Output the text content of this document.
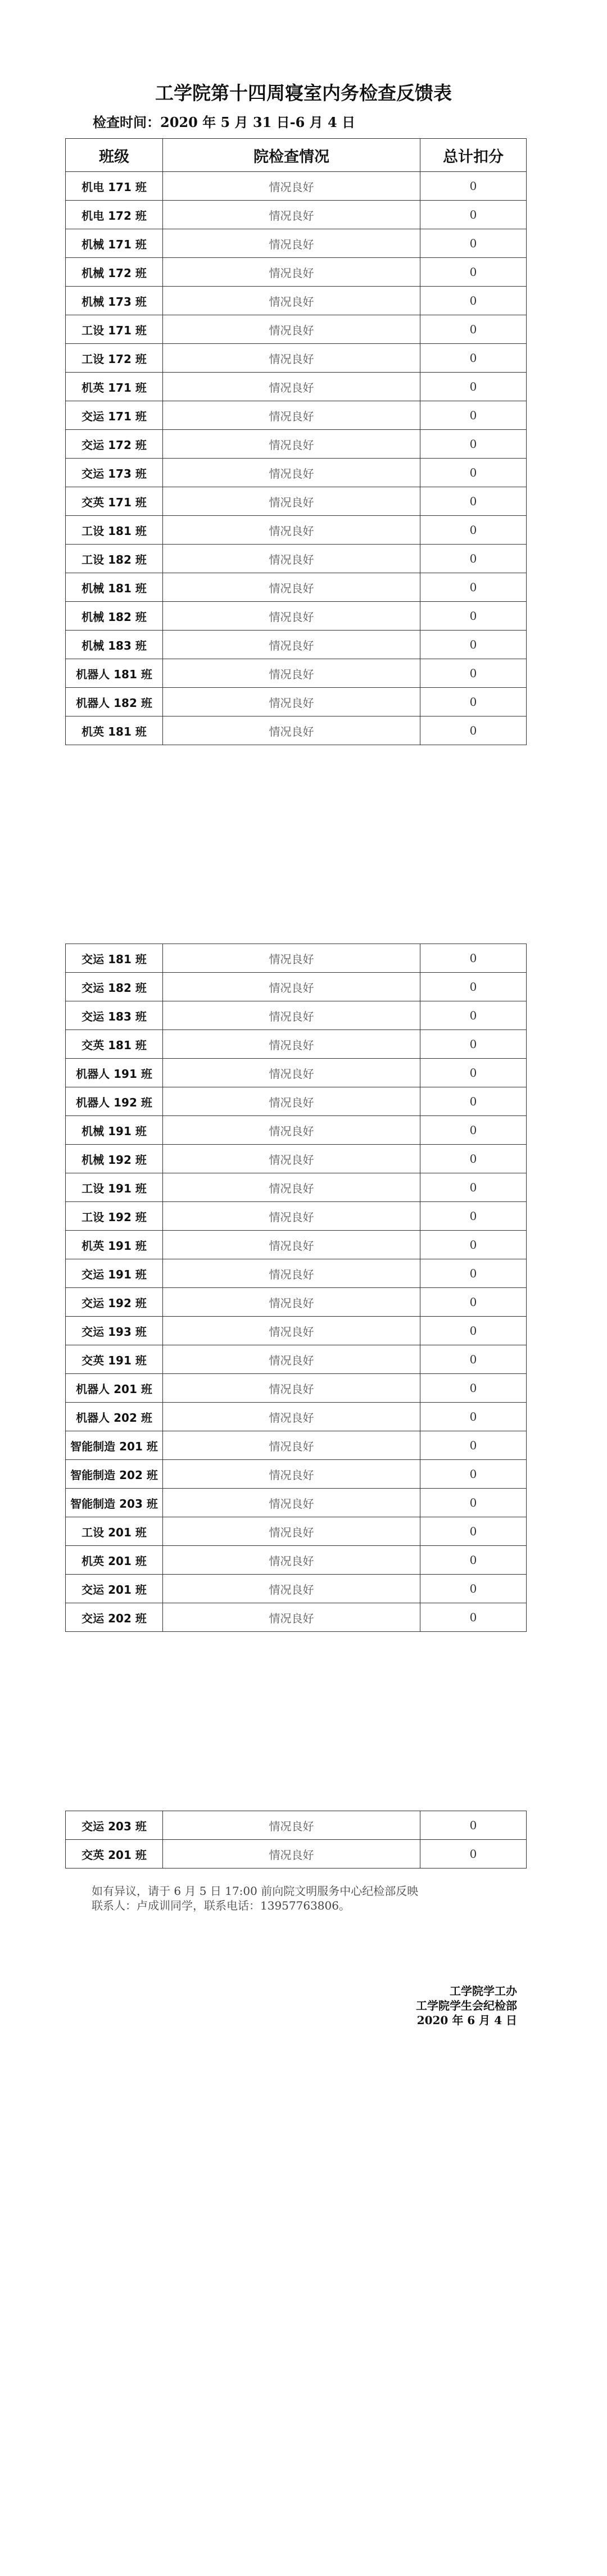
工学院第十四周寝室内务检查反馈表
检查时间：2020 年 5 月 31 日-6 月 4 日
班级	院检查情况	总计扣分
机电 171 班	情况良好	0
机电 172 班	情况良好	0
机械 171 班	情况良好	0
机械 172 班	情况良好	0
机械 173 班	情况良好	0
工设 171 班	情况良好	0
工设 172 班	情况良好	0
机英 171 班	情况良好	0
交运 171 班	情况良好	0
交运 172 班	情况良好	0
交运 173 班	情况良好	0
交英 171 班	情况良好	0
工设 181 班	情况良好	0
工设 182 班	情况良好	0
机械 181 班	情况良好	0
机械 182 班	情况良好	0
机械 183 班	情况良好	0
机器人 181 班	情况良好	0
机器人 182 班	情况良好	0
机英 181 班	情况良好	0
交运 181 班	情况良好	0
交运 182 班	情况良好	0
交运 183 班	情况良好	0
交英 181 班	情况良好	0
机器人 191 班	情况良好	0
机器人 192 班	情况良好	0
机械 191 班	情况良好	0
机械 192 班	情况良好	0
工设 191 班	情况良好	0
工设 192 班	情况良好	0
机英 191 班	情况良好	0
交运 191 班	情况良好	0
交运 192 班	情况良好	0
交运 193 班	情况良好	0
交英 191 班	情况良好	0
机器人 201 班	情况良好	0
机器人 202 班	情况良好	0
智能制造 201 班	情况良好	0
智能制造 202 班	情况良好	0
智能制造 203 班	情况良好	0
工设 201 班	情况良好	0
机英 201 班	情况良好	0
交运 201 班	情况良好	0
交运 202 班	情况良好	0
交运 203 班	情况良好	0
交英 201 班	情况良好	0
如有异议，请于 6 月 5 日 17:00 前向院文明服务中心纪检部反映
联系人：卢成训同学，联系电话：13957763806。
工学院学工办
工学院学生会纪检部
2020 年 6 月 4 日
